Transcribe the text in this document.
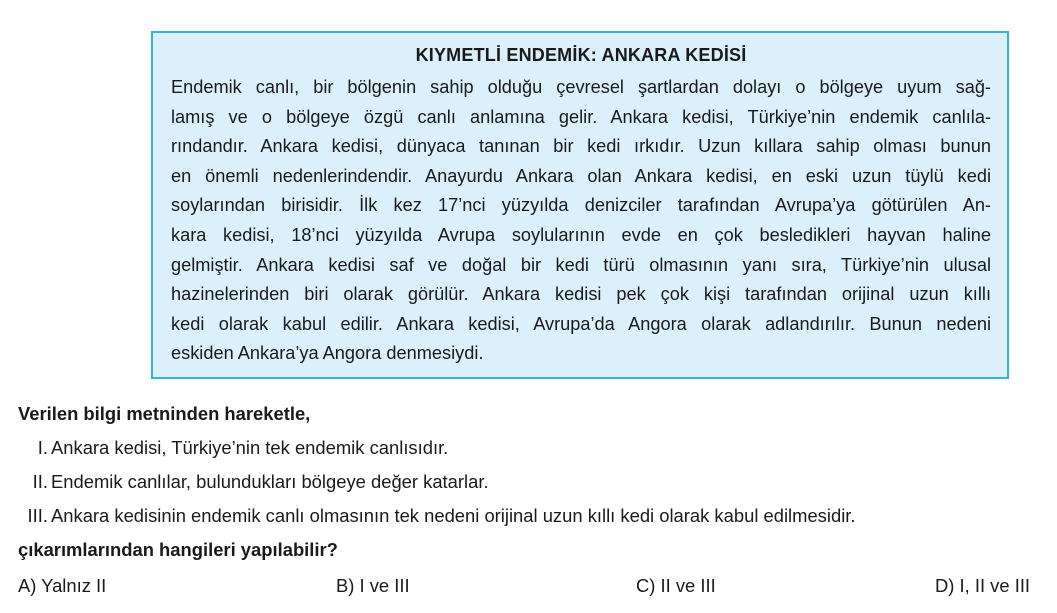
KIYMETLİ ENDEMİK: ANKARA KEDİSİ
Endemik canlı, bir bölgenin sahip olduğu çevresel şartlardan dolayı o bölgeye uyum sağ-
lamış ve o bölgeye özgü canlı anlamına gelir. Ankara kedisi, Türkiye’nin endemik canlıla-
rındandır. Ankara kedisi, dünyaca tanınan bir kedi ırkıdır. Uzun kıllara sahip olması bunun
en önemli nedenlerindendir. Anayurdu Ankara olan Ankara kedisi, en eski uzun tüylü kedi
soylarından birisidir. İlk kez 17’nci yüzyılda denizciler tarafından Avrupa’ya götürülen An-
kara kedisi, 18’nci yüzyılda Avrupa soylularının evde en çok besledikleri hayvan haline
gelmiştir. Ankara kedisi saf ve doğal bir kedi türü olmasının yanı sıra, Türkiye’nin ulusal
hazinelerinden biri olarak görülür. Ankara kedisi pek çok kişi tarafından orijinal uzun kıllı
kedi olarak kabul edilir. Ankara kedisi, Avrupa’da Angora olarak adlandırılır. Bunun nedeni
eskiden Ankara’ya Angora denmesiydi.
Verilen bilgi metninden hareketle,
I. Ankara kedisi, Türkiye’nin tek endemik canlısıdır.
II. Endemik canlılar, bulundukları bölgeye değer katarlar.
III. Ankara kedisinin endemik canlı olmasının tek nedeni orijinal uzun kıllı kedi olarak kabul edilmesidir.
çıkarımlarından hangileri yapılabilir?
A) Yalnız II	B) I ve III	C) II ve III	D) I, II ve III
